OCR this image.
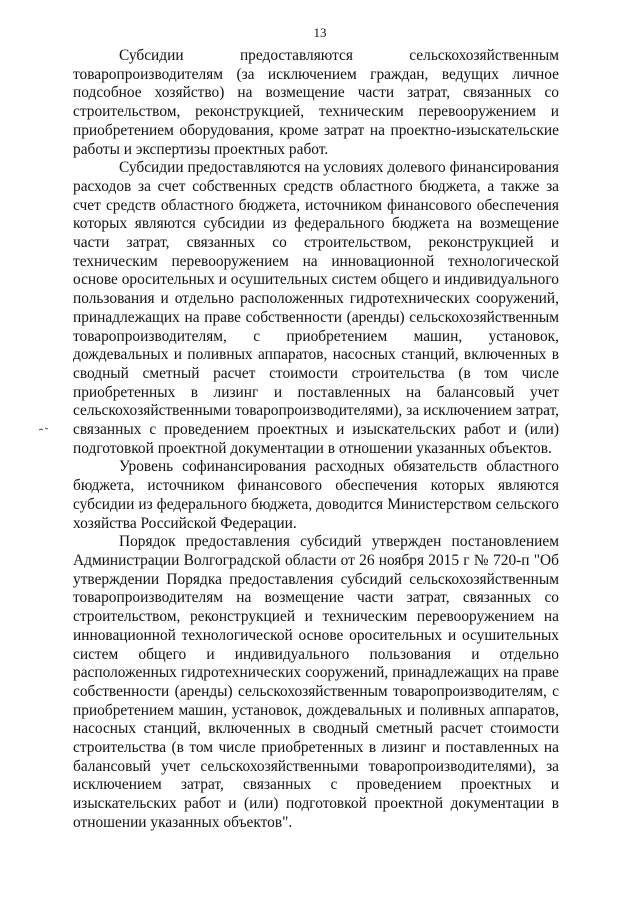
13

Субсидии предоставляются сельскохозяйственным товаропроизводителям (за исключением граждан, ведущих личное подсобное хозяйство) на возмещение части затрат, связанных со строительством, реконструкцией, техническим перевооружением и приобретением оборудования, кроме затрат на проектно-изыскательские работы и экспертизы проектных работ.

Субсидии предоставляются на условиях долевого финансирования расходов за счет собственных средств областного бюджета, а также за счет средств областного бюджета, источником финансового обеспечения которых являются субсидии из федерального бюджета на возмещение части затрат, связанных со строительством, реконструкцией и техническим перевооружением на инновационной технологической основе оросительных и осушительных систем общего и индивидуального пользования и отдельно расположенных гидротехнических сооружений, принадлежащих на праве собственности (аренды) сельскохозяйственным товаропроизводителям, с приобретением машин, установок, дождевальных и поливных аппаратов, насосных станций, включенных в сводный сметный расчет стоимости строительства (в том числе приобретенных в лизинг и поставленных на балансовый учет сельскохозяйственными товаропроизводителями), за исключением затрат, связанных с проведением проектных и изыскательских работ и (или) подготовкой проектной документации в отношении указанных объектов.

Уровень софинансирования расходных обязательств областного бюджета, источником финансового обеспечения которых являются субсидии из федерального бюджета, доводится Министерством сельского хозяйства Российской Федерации.

Порядок предоставления субсидий утвержден постановлением Администрации Волгоградской области от 26 ноября 2015 г № 720-п "Об утверждении Порядка предоставления субсидий сельскохозяйственным товаропроизводителям на возмещение части затрат, связанных со строительством, реконструкцией и техническим перевооружением на инновационной технологической основе оросительных и осушительных систем общего и индивидуального пользования и отдельно расположенных гидротехнических сооружений, принадлежащих на праве собственности (аренды) сельскохозяйственным товаропроизводителям, с приобретением машин, установок, дождевальных и поливных аппаратов, насосных станций, включенных в сводный сметный расчет стоимости строительства (в том числе приобретенных в лизинг и поставленных на балансовый учет сельскохозяйственными товаропроизводителями), за исключением затрат, связанных с проведением проектных и изыскательских работ и (или) подготовкой проектной документации в отношении указанных объектов".
